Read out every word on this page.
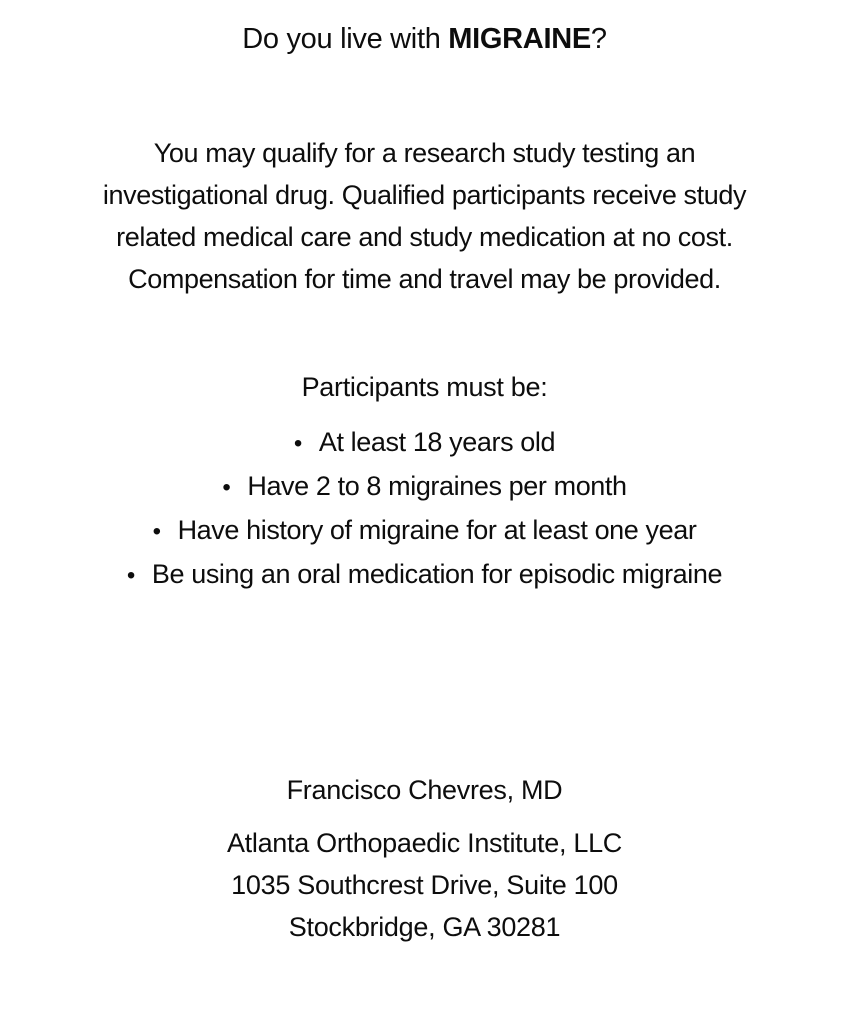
Do you live with MIGRAINE?
You may qualify for a research study testing an
investigational drug. Qualified participants receive study
related medical care and study medication at no cost.
Compensation for time and travel may be provided.
Participants must be:
• At least 18 years old
• Have 2 to 8 migraines per month
• Have history of migraine for at least one year
• Be using an oral medication for episodic migraine
Francisco Chevres, MD
Atlanta Orthopaedic Institute, LLC
1035 Southcrest Drive, Suite 100
Stockbridge, GA 30281
